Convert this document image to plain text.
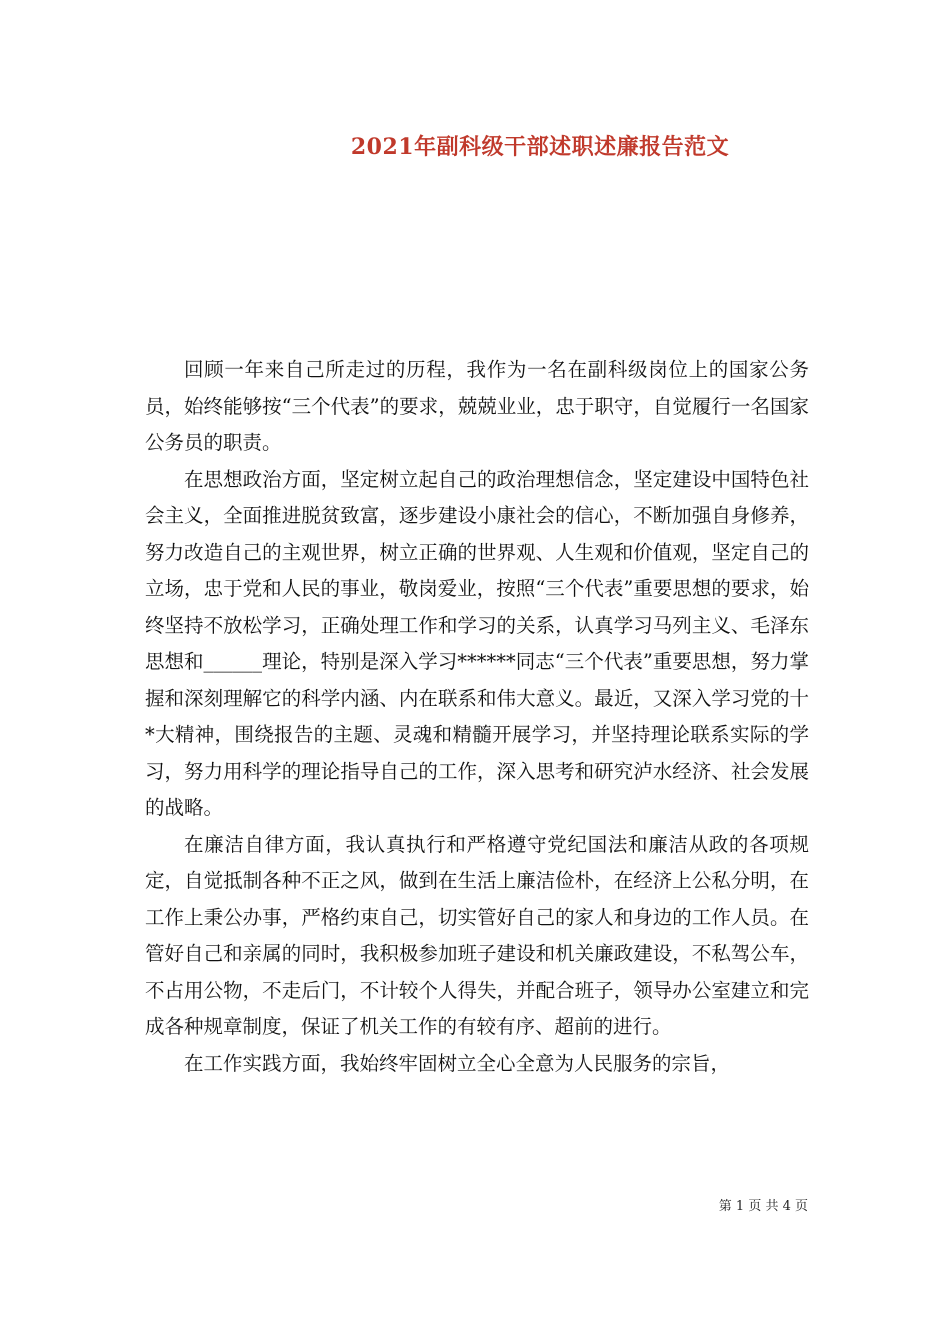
2021年副科级干部述职述廉报告范文

回顾一年来自己所走过的历程，我作为一名在副科级岗位上的国家公务员，始终能够按“三个代表”的要求，兢兢业业，忠于职守，自觉履行一名国家公务员的职责。

在思想政治方面，坚定树立起自己的政治理想信念，坚定建设中国特色社会主义，全面推进脱贫致富，逐步建设小康社会的信心，不断加强自身修养，努力改造自己的主观世界，树立正确的世界观、人生观和价值观，坚定自己的立场，忠于党和人民的事业，敬岗爱业，按照“三个代表”重要思想的要求，始终坚持不放松学习，正确处理工作和学习的关系，认真学习马列主义、毛泽东思想和______理论，特别是深入学习******同志“三个代表”重要思想，努力掌握和深刻理解它的科学内涵、内在联系和伟大意义。最近，又深入学习党的十*大精神，围绕报告的主题、灵魂和精髓开展学习，并坚持理论联系实际的学习，努力用科学的理论指导自己的工作，深入思考和研究泸水经济、社会发展的战略。

在廉洁自律方面，我认真执行和严格遵守党纪国法和廉洁从政的各项规定，自觉抵制各种不正之风，做到在生活上廉洁俭朴，在经济上公私分明，在工作上秉公办事，严格约束自己，切实管好自己的家人和身边的工作人员。在管好自己和亲属的同时，我积极参加班子建设和机关廉政建设，不私驾公车，不占用公物，不走后门，不计较个人得失，并配合班子，领导办公室建立和完成各种规章制度，保证了机关工作的有较有序、超前的进行。

在工作实践方面，我始终牢固树立全心全意为人民服务的宗旨，

第 1 页 共 4 页
